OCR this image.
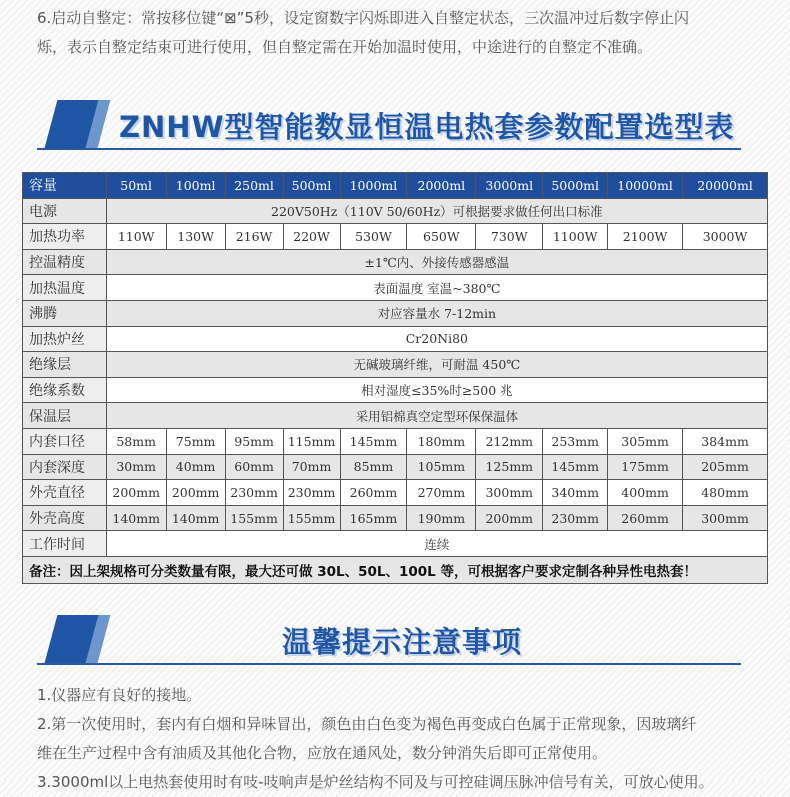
6.启动自整定：常按移位键“⊠”5秒，设定窗数字闪烁即进入自整定状态，三次温冲过后数字停止闪
烁，表示自整定结束可进行使用，但自整定需在开始加温时使用，中途进行的自整定不准确。
ZNHW型智能数显恒温电热套参数配置选型表
容量	50ml	100ml	250ml	500ml	1000ml	2000ml	3000ml	5000ml	10000ml	20000ml
电源	220V50Hz（110V 50/60Hz）可根据要求做任何出口标准									
加热功率	110W	130W	216W	220W	530W	650W	730W	1100W	2100W	3000W
控温精度	±1℃内、外接传感器感温									
加热温度	表面温度 室温~380℃									
沸腾	对应容量水 7-12min									
加热炉丝	Cr20Ni80									
绝缘层	无碱玻璃纤维，可耐温 450℃									
绝缘系数	相对湿度≤35%时≥500 兆									
保温层	采用铝棉真空定型环保保温体									
内套口径	58mm	75mm	95mm	115mm	145mm	180mm	212mm	253mm	305mm	384mm
内套深度	30mm	40mm	60mm	70mm	85mm	105mm	125mm	145mm	175mm	205mm
外壳直径	200mm	200mm	230mm	230mm	260mm	270mm	300mm	340mm	400mm	480mm
外壳高度	140mm	140mm	155mm	155mm	165mm	190mm	200mm	230mm	260mm	300mm
工作时间	连续									
备注：因上架规格可分类数量有限，最大还可做 30L、50L、100L 等，可根据客户要求定制各种异性电热套！										
温馨提示注意事项
1.仪器应有良好的接地。
2.第一次使用时，套内有白烟和异味冒出，颜色由白色变为褐色再变成白色属于正常现象，因玻璃纤
维在生产过程中含有油质及其他化合物，应放在通风处，数分钟消失后即可正常使用。
3.3000ml以上电热套使用时有吱-吱响声是炉丝结构不同及与可控硅调压脉冲信号有关，可放心使用。
